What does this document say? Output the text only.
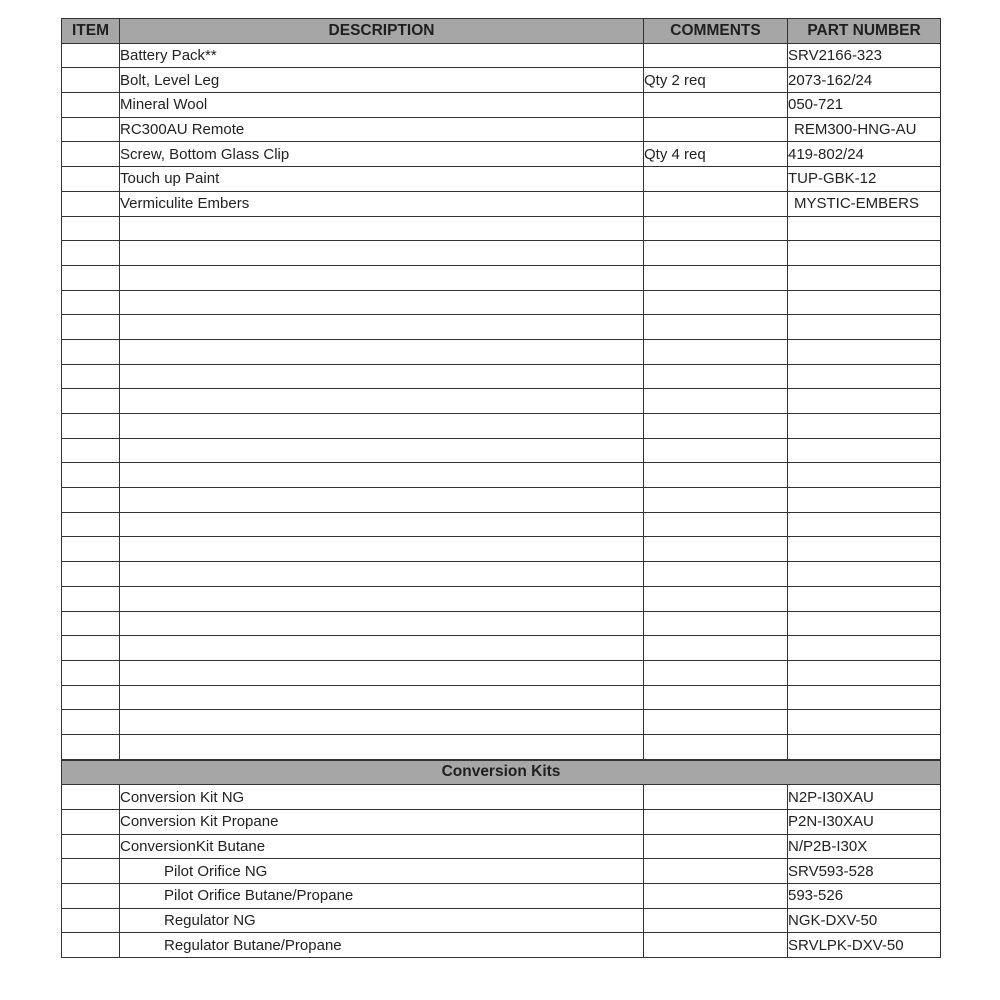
ITEM	DESCRIPTION	COMMENTS	PART NUMBER
	Battery Pack**		SRV2166-323
	Bolt, Level Leg	Qty 2 req	2073-162/24
	Mineral Wool		050-721
	RC300AU Remote		REM300-HNG-AU
	Screw, Bottom Glass Clip	Qty 4 req	419-802/24
	Touch up Paint		TUP-GBK-12
	Vermiculite Embers		MYSTIC-EMBERS

Conversion Kits			
	Conversion Kit NG		N2P-I30XAU
	Conversion Kit Propane		P2N-I30XAU
	ConversionKit Butane		N/P2B-I30X
	Pilot Orifice NG		SRV593-528
	Pilot Orifice Butane/Propane		593-526
	Regulator NG		NGK-DXV-50
	Regulator Butane/Propane		SRVLPK-DXV-50
